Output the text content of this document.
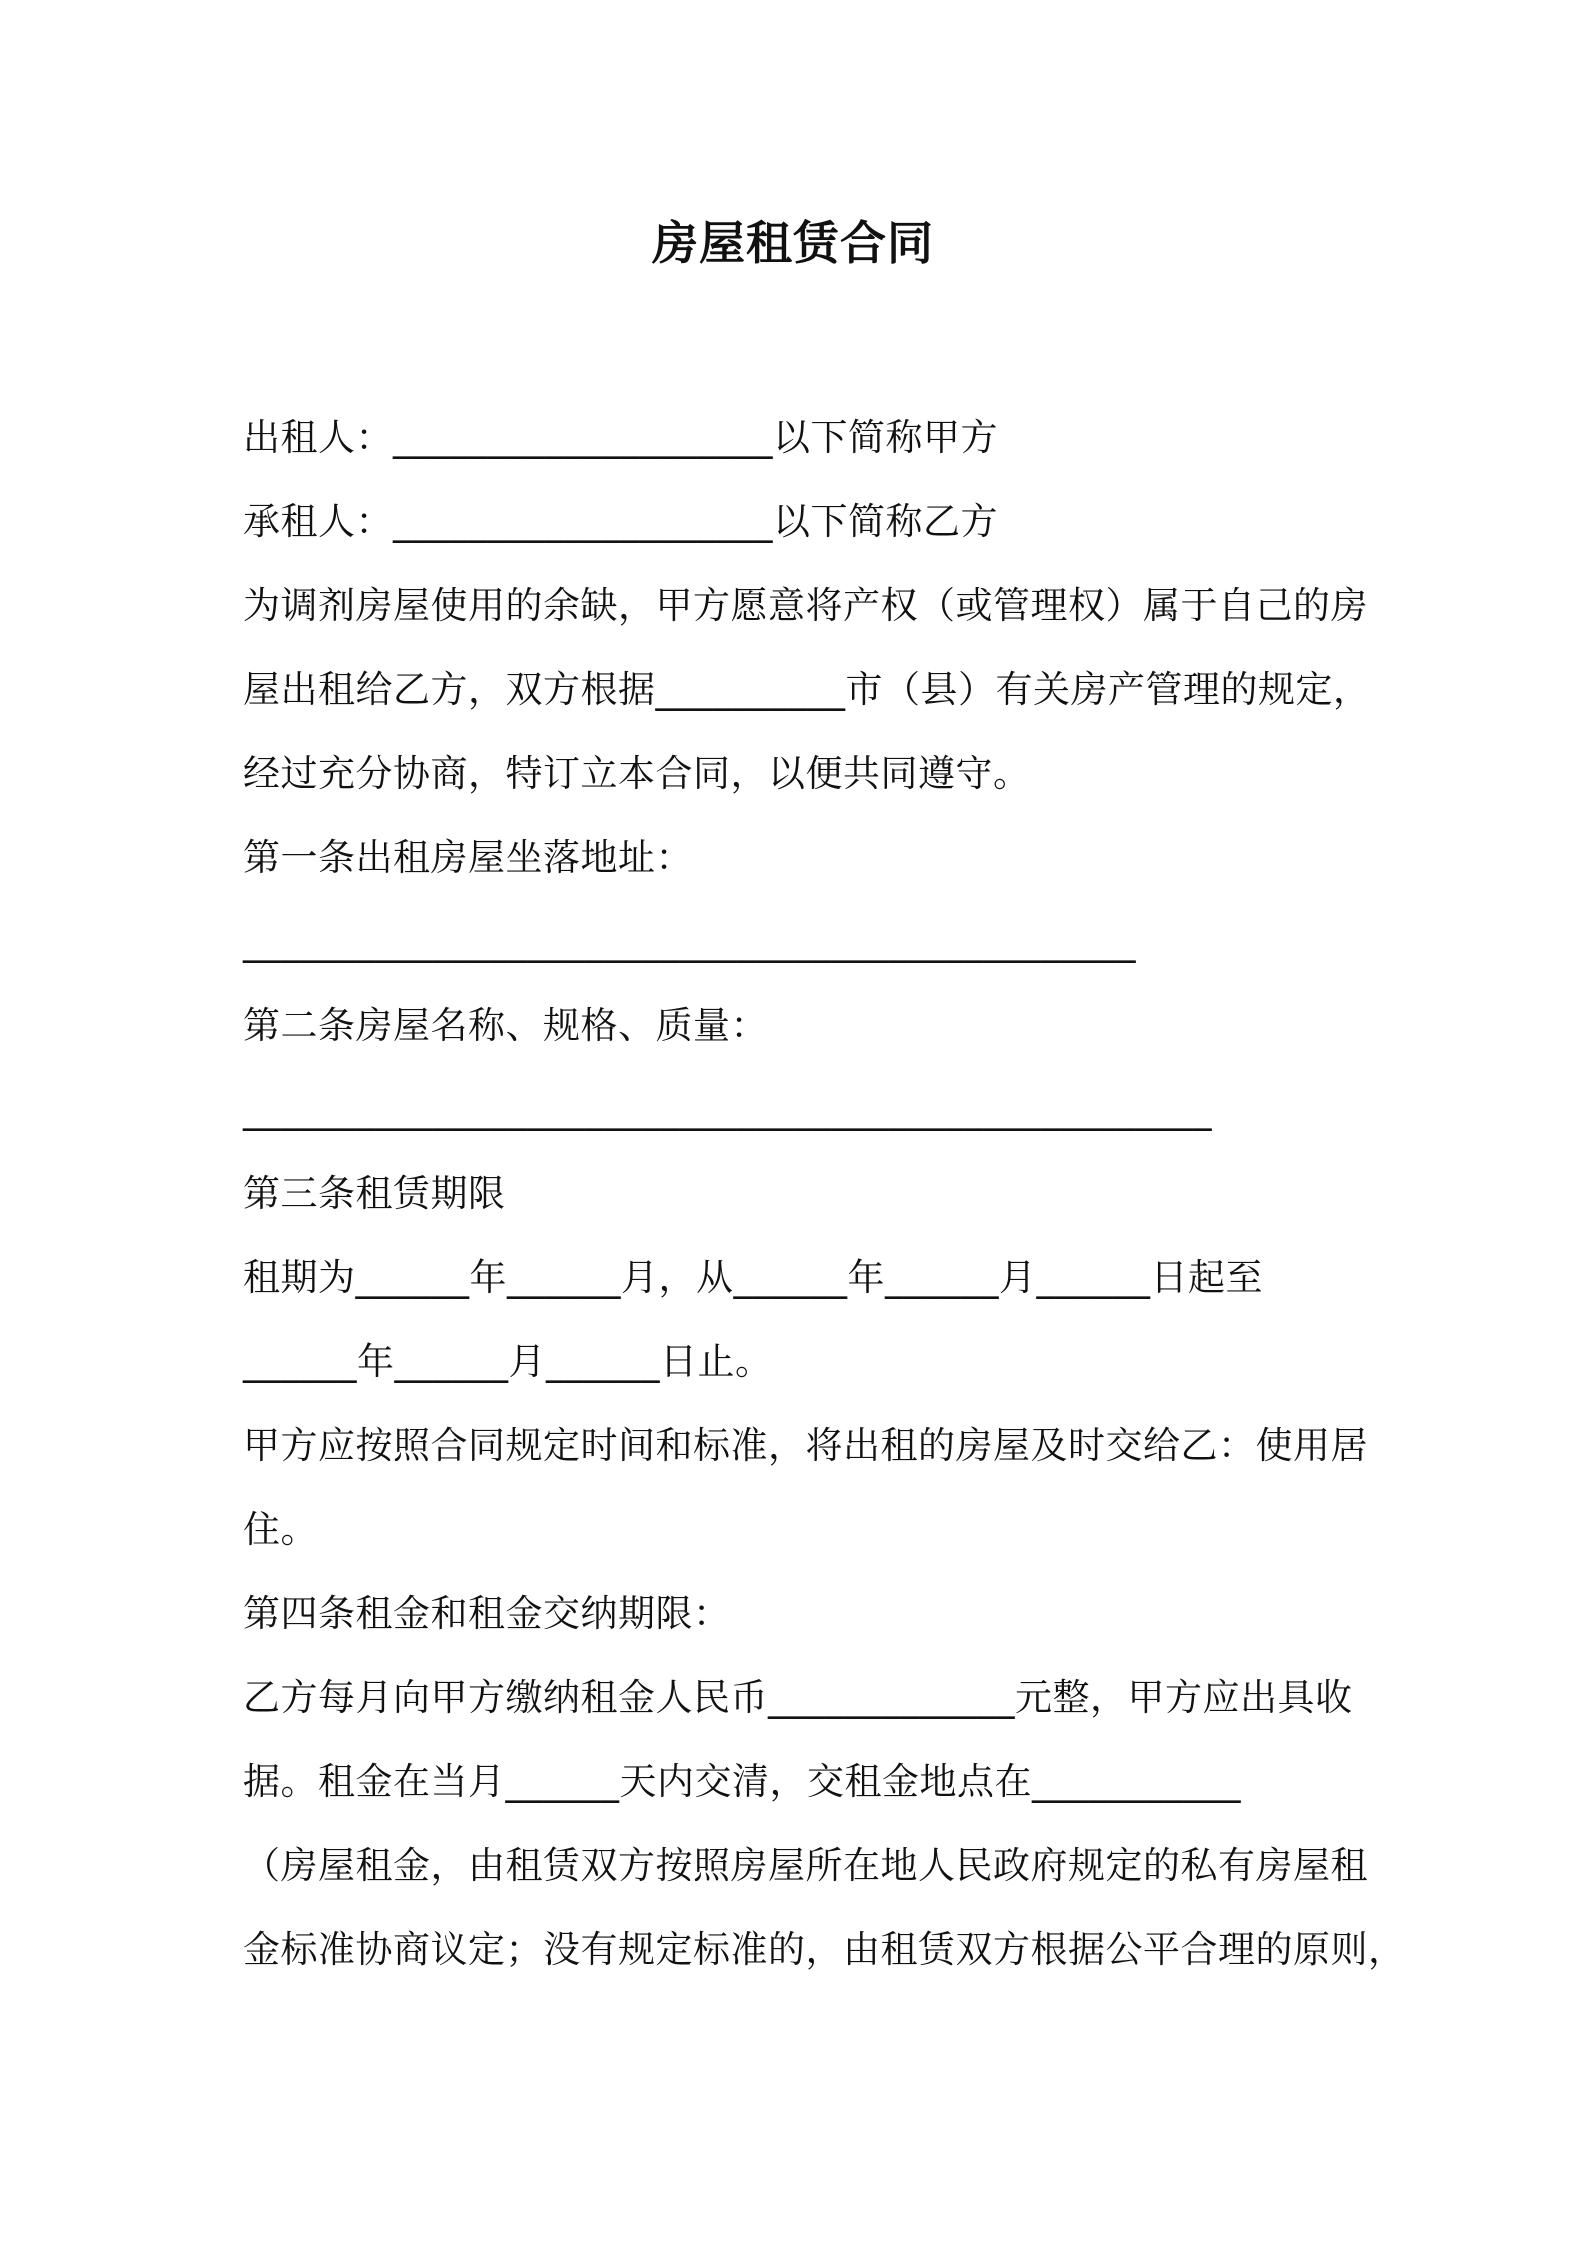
房屋租赁合同
出租人：____________________以下简称甲方
承租人：____________________以下简称乙方
为调剂房屋使用的余缺，甲方愿意将产权（或管理权）属于自己的房
屋出租给乙方，双方根据__________市（县）有关房产管理的规定，
经过充分协商，特订立本合同，以便共同遵守。
第一条出租房屋坐落地址：
_______________________________________________
第二条房屋名称、规格、质量：
___________________________________________________
第三条租赁期限
租期为______年______月，从______年______月______日起至
______年______月______日止。
甲方应按照合同规定时间和标准，将出租的房屋及时交给乙：使用居
住。
第四条租金和租金交纳期限：
乙方每月向甲方缴纳租金人民币_____________元整，甲方应出具收
据。租金在当月______天内交清，交租金地点在___________
（房屋租金，由租赁双方按照房屋所在地人民政府规定的私有房屋租
金标准协商议定；没有规定标准的，由租赁双方根据公平合理的原则，
